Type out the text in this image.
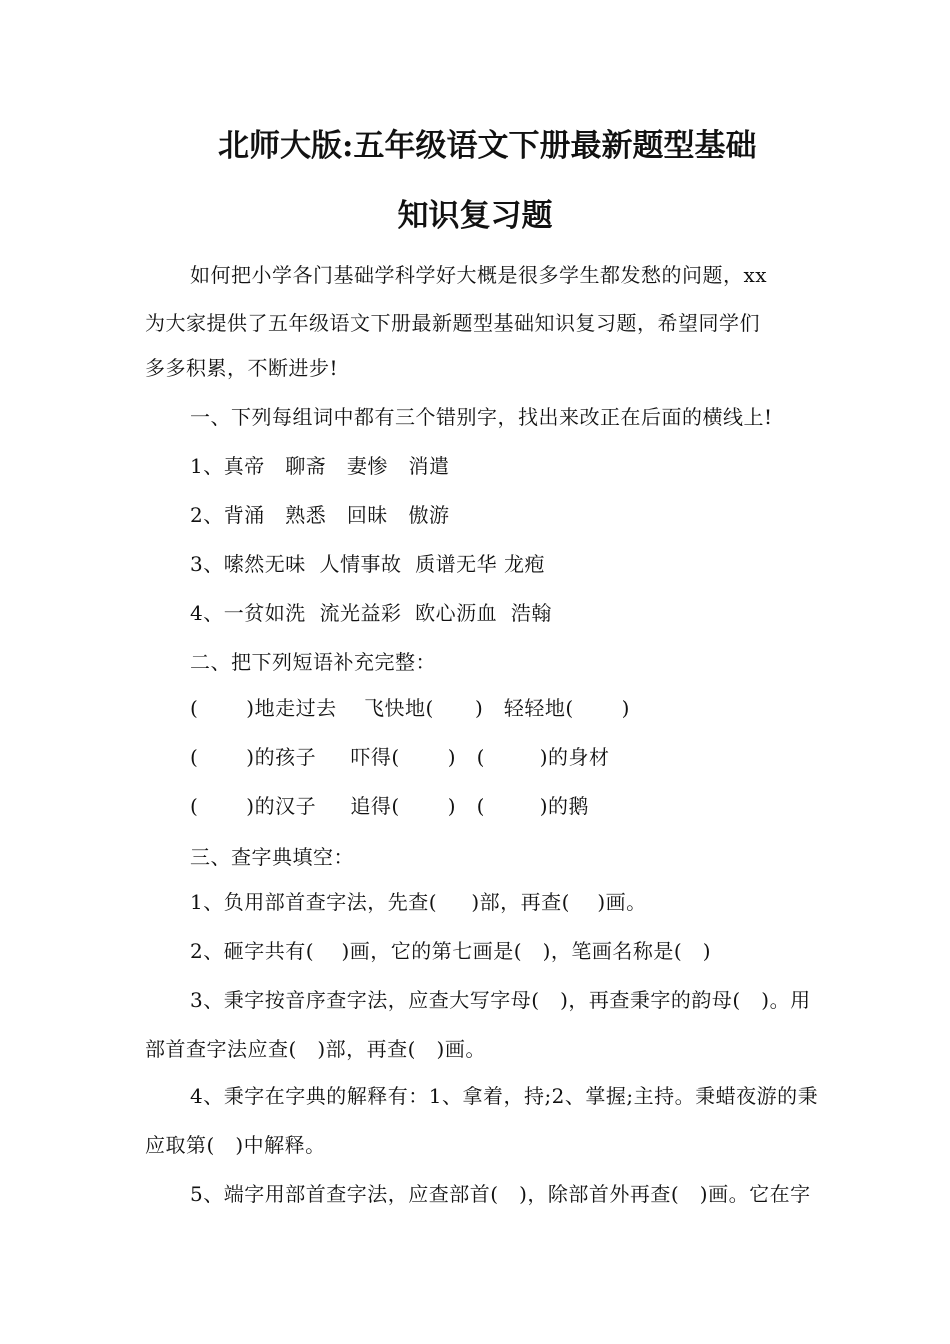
北师大版:五年级语文下册最新题型基础
知识复习题
如何把小学各门基础学科学好大概是很多学生都发愁的问题，xx
为大家提供了五年级语文下册最新题型基础知识复习题，希望同学们
多多积累，不断进步!
一、下列每组词中都有三个错别字，找出来改正在后面的横线上!
1、真帝   聊斋   妻惨   消遣
2、背涌   熟悉   回昧   傲游
3、嗦然无味  人情事故  质谱无华 龙疱
4、一贫如洗  流光益彩  欧心沥血  浩翰
二、把下列短语补充完整：
(       )地走过去    飞快地(      )   轻轻地(       )
(       )的孩子     吓得(       )   (        )的身材
(       )的汉子     追得(       )   (        )的鹅
三、查字典填空：
1、负用部首查字法，先查(     )部，再查(    )画。
2、砸字共有(    )画，它的第七画是(   )，笔画名称是(   )
3、秉字按音序查字法，应查大写字母(   )，再查秉字的韵母(   )。用
部首查字法应查(   )部，再查(   )画。
4、秉字在字典的解释有：1、拿着，持;2、掌握;主持。秉蜡夜游的秉
应取第(   )中解释。
5、端字用部首查字法，应查部首(   )，除部首外再查(   )画。它在字
